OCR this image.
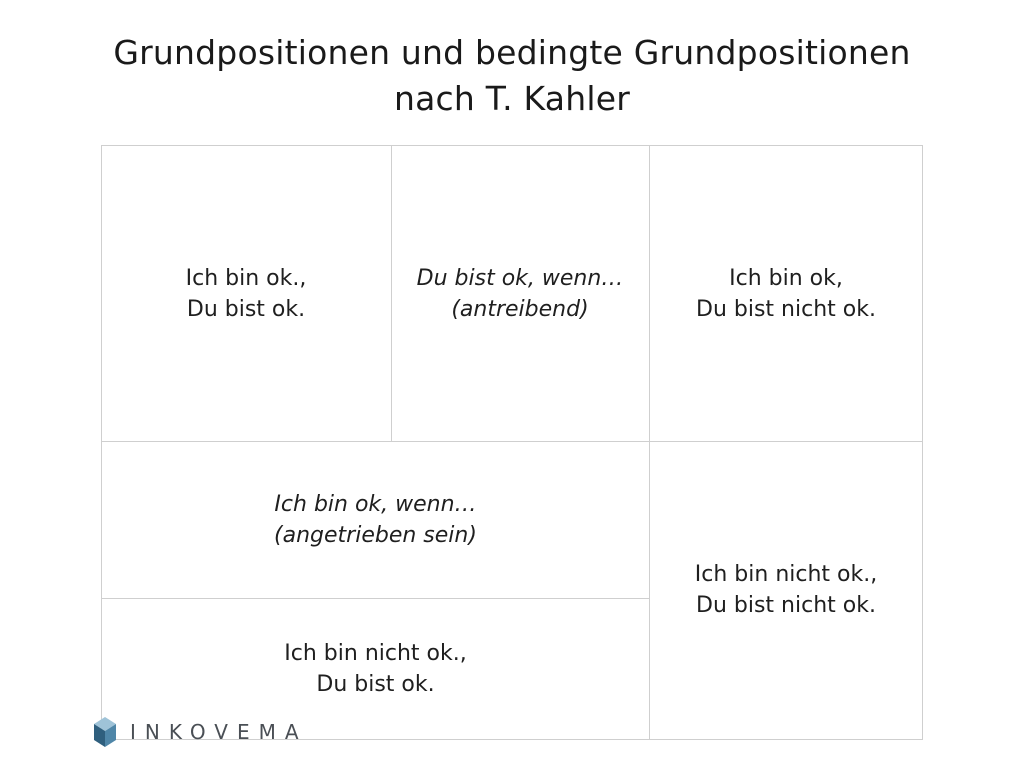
Grundpositionen und bedingte Grundpositionen
nach T. Kahler
Ich bin ok.,
Du bist ok.
Du bist ok, wenn…
(antreibend)
Ich bin ok,
Du bist nicht ok.
Ich bin ok, wenn…
(angetrieben sein)
Ich bin nicht ok.,
Du bist ok.
Ich bin nicht ok.,
Du bist nicht ok.
INKOVEMA
